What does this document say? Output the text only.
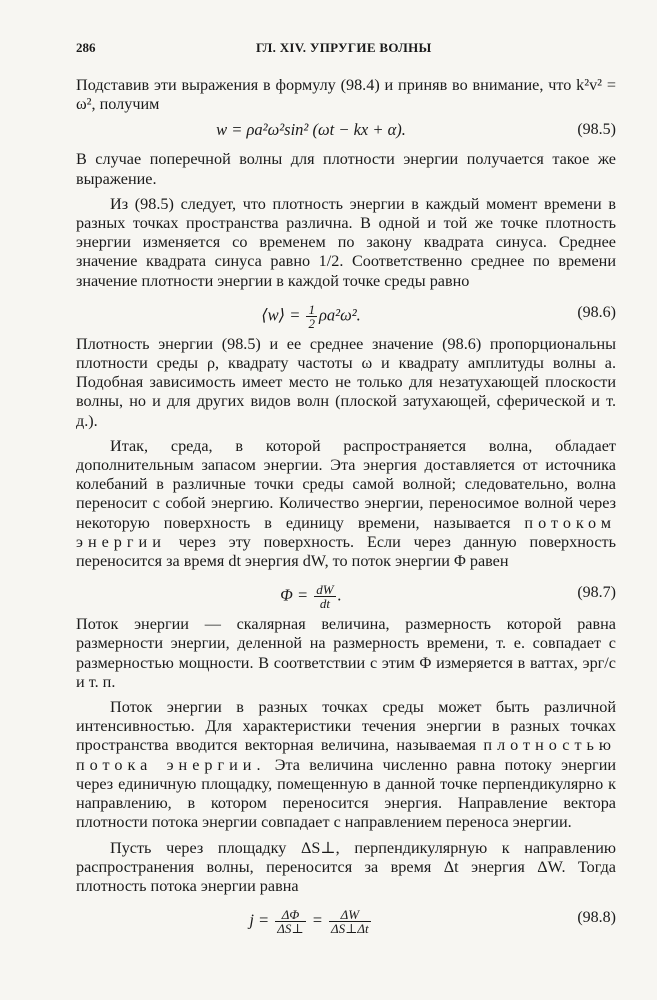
286	ГЛ. XIV. УПРУГИЕ ВОЛНЫ

Подставив эти выражения в формулу (98.4) и приняв во внимание, что k²v² = ω², получим

w = ρa²ω²sin² (ωt − kx + α).	(98.5)

В случае поперечной волны для плотности энергии получается такое же выражение.

Из (98.5) следует, что плотность энергии в каждый момент времени в разных точках пространства различна. В одной и той же точке плотность энергии изменяется со временем по закону квадрата синуса. Среднее значение квадрата синуса равно 1/2. Соответственно среднее по времени значение плотности энергии в каждой точке среды равно

⟨w⟩ = $\frac{1}{2} \rho a^2\omega^2$.	(98.6)

Плотность энергии (98.5) и ее среднее значение (98.6) пропорциональны плотности среды ρ, квадрату частоты ω и квадрату амплитуды волны a. Подобная зависимость имеет место не только для незатухающей плоскости волны, но и для других видов волн (плоской затухающей, сферической и т. д.).

Итак, среда, в которой распространяется волна, обладает дополнительным запасом энергии. Эта энергия доставляется от источника колебаний в различные точки среды самой волной; следовательно, волна переносит с собой энергию. Количество энергии, переносимое волной через некоторую поверхность в единицу времени, называется потоком энергии через эту поверхность. Если через данную поверхность переносится за время dt энергия dW, то поток энергии Φ равен

$\Phi = \frac{dW}{dt}$ .	(98.7)

Поток энергии — скалярная величина, размерность которой равна размерности энергии, деленной на размерность времени, т. е. совпадает с размерностью мощности. В соответствии с этим Φ измеряется в ваттах, эрг/с и т. п.

Поток энергии в разных точках среды может быть различной интенсивностью. Для характеристики течения энергии в разных точках пространства вводится векторная величина, называемая плотностью потока энергии. Эта величина численно равна потоку энергии через единичную площадку, помещенную в данной точке перпендикулярно к направлению, в котором переносится энергия. Направление вектора плотности потока энергии совпадает с направлением переноса энергии.

Пусть через площадку ΔS⊥, перпендикулярную к направлению распространения волны, переносится за время Δt энергия ΔW. Тогда плотность потока энергии равна

$j = \frac{\Delta\Phi}{\Delta S\perp} = \frac{\Delta W}{\Delta S\perp\Delta t}$	(98.8)
